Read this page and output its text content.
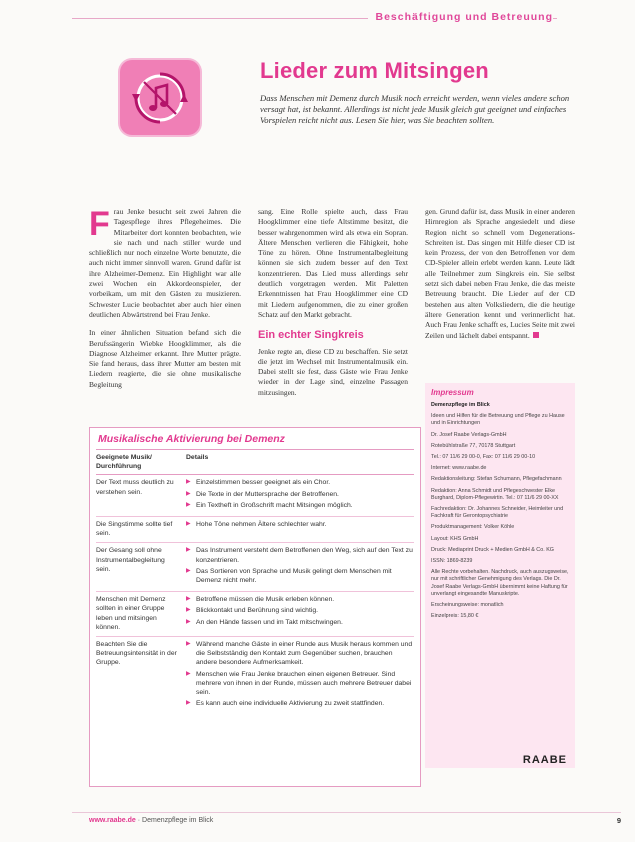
Beschäftigung und Betreuung
Lieder zum Mitsingen
Dass Menschen mit Demenz durch Musik noch erreicht werden, wenn vieles andere schon versagt hat, ist bekannt. Allerdings ist nicht jede Musik gleich gut geeignet und einfaches Vorspielen reicht nicht aus. Lesen Sie hier, was Sie beachten sollten.

Frau Jenke besucht seit zwei Jahren die Tagespflege ihres Pflegeheimes. Die Mitarbeiter dort konnten beobachten, wie sie nach und nach stiller wurde und schließlich nur noch einzelne Worte benutzte, die auch nicht immer sinnvoll waren. Grund dafür ist ihre Alzheimer-Demenz. Ein Highlight war alle zwei Wochen ein Akkordeonspieler, der vorbeikam, um mit den Gästen zu musizieren. Schwester Lucie beobachtet aber auch hier einen deutlichen Abwärtstrend bei Frau Jenke.

In einer ähnlichen Situation befand sich die Berufssängerin Wiebke Hoogklimmer, als die Diagnose Alzheimer erkannt. Ihre Mutter prägte. Sie fand heraus, dass ihrer Mutter am besten mit Liedern reagierte, die sie ohne musikalische Begleitung

sang. Eine Rolle spielte auch, dass Frau Hoogklimmer eine tiefe Altstimme besitzt, die besser wahrgenommen wird als etwa ein Sopran. Ältere Menschen verlieren die Fähigkeit, hohe Töne zu hören. Ohne Instrumentalbegleitung können sie sich zudem besser auf den Text konzentrieren. Das Lied muss allerdings sehr deutlich vorgetragen werden. Mit Paletten Erkenntnissen hat Frau Hoogklimmer eine CD mit Liedern aufgenommen, die zu einer großen Schatz auf den Markt gebracht.

Ein echter Singkreis

Jenke regte an, diese CD zu beschaffen. Sie setzt die jetzt im Wechsel mit Instrumentalmusik ein. Dabei stellt sie fest, dass Gäste wie Frau Jenke wieder in der Lage sind, einzelne Passagen mitzusingen.

gen. Grund dafür ist, dass Musik in einer anderen Hirnregion als Sprache angesiedelt und diese Region nicht so schnell vom Degenerations-Schreiten ist. Das singen mit Hilfe dieser CD ist kein Prozess, der von den Betroffenen vor dem CD-Spieler allein erlebt werden kann. Leute lädt alle Teilnehmer zum Singkreis ein. Sie selbst setzt sich dabei neben Frau Jenke, die das meiste Betreuung braucht. Die Lieder auf der CD bestehen aus alten Volksliedern, die die heutige ältere Generation kennt und verinnerlicht hat. Auch Frau Jenke schafft es, Lucies Seite mit zwei Zeilen und lächelt dabei entspannt.

Musikalische Aktivierung bei Demenz
Geeignete Musik/ Durchführung
Details
Der Text muss deutlich zu verstehen sein.
▶ Einzelstimmen besser geeignet als ein Chor.
▶ Die Texte in der Muttersprache der Betroffenen.
▶ Ein Textheft in Großschrift macht Mitsingen möglich.
Die Singstimme sollte tief sein.
▶ Hohe Töne nehmen Ältere schlechter wahr.
Der Gesang soll ohne Instrumentalbegleitung sein.
▶ Das Instrument versteht dem Betroffenen den Weg, sich auf den Text zu konzentrieren.
▶ Das Sortieren von Sprache und Musik gelingt dem Menschen mit Demenz nicht mehr.
Menschen mit Demenz sollten in einer Gruppe leben und mitsingen können.
▶ Betroffene müssen die Musik erleben können.
▶ Blickkontakt und Berührung sind wichtig.
▶ An den Hände fassen und im Takt mitschwingen.
Beachten Sie die Betreuungsintensität in der Gruppe.
▶ Während manche Gäste in einer Runde aus Musik heraus kommen und die Selbstständig den Kontakt zum Gegenüber suchen, brauchen andere besondere Aufmerksamkeit.
▶ Menschen wie Frau Jenke brauchen einen eigenen Betreuer. Sind mehrere von ihnen in der Runde, müssen auch mehrere Betreuer dabei sein.
▶ Es kann auch eine individuelle Aktivierung zu zweit stattfinden.
Impressum

Demenzpflege im Blick

Ideen und Hilfen für die Betreuung und Pflege zu Hause und in Einrichtungen

Dr. Josef Raabe Verlags-GmbH

Rotebühlstraße 77, 70178 Stuttgart

Tel.: 07 11/6 29 00-0, Fax: 07 11/6 29 00-10

Internet: www.raabe.de

Redaktionsleitung: Stefan Schumann, Pflegefachmann

Redaktion: Anna Schmidt und Pflegeschwester Elke Burghard, Diplom-Pflegewirtin. Tel.: 07 11/6 29 00-XX

Fachredaktion: Dr. Johannes Schneider, Heimleiter und Fachkraft für Gerontopsychiatrie

Produktmanagement: Volker Köhle

Layout: KHS GmbH

Druck: Mediaprint Druck + Medien GmbH & Co. KG

ISSN: 1869-8239

Alle Rechte vorbehalten. Nachdruck, auch auszugsweise, nur mit schriftlicher Genehmigung des Verlags. Die Dr. Josef Raabe Verlags-GmbH übernimmt keine Haftung für unverlangt eingesandte Manuskripte.

Erscheinungsweise: monatlich

Einzelpreis: 15,80 €

RAABE
www.raabe.de · Demenzpflege im Blick	9
